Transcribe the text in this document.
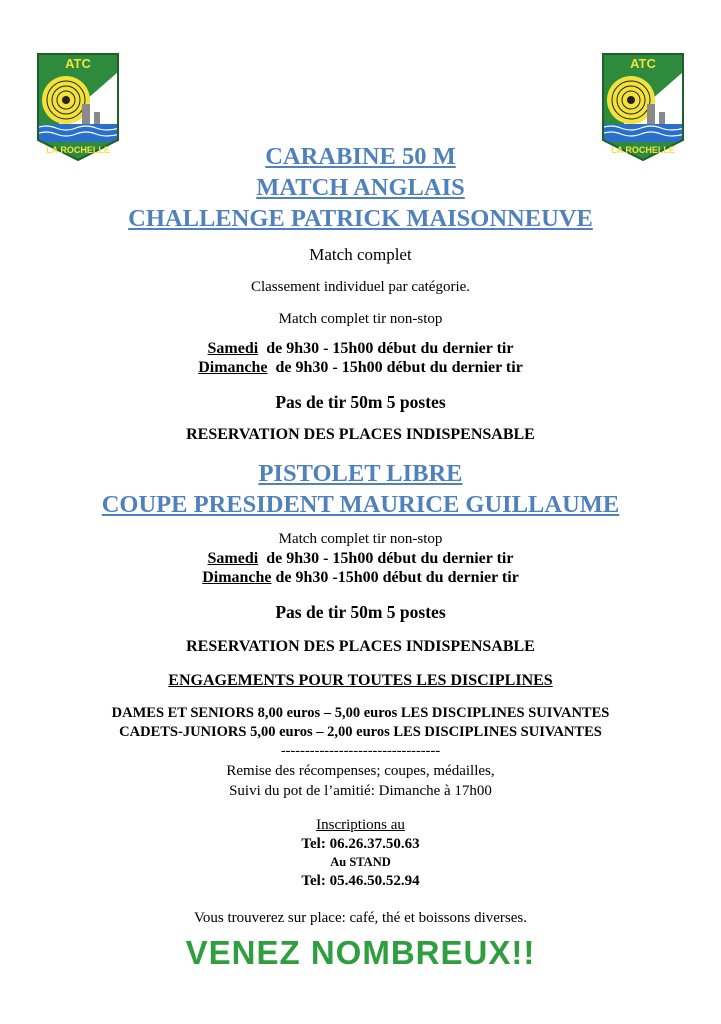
ATC
LA ROCHELLE
ATC
LA ROCHELLE
CARABINE 50 M
MATCH ANGLAIS
CHALLENGE PATRICK MAISONNEUVE
Match complet
Classement individuel par catégorie.
Match complet tir non-stop
Samedi de 9h30 - 15h00 début du dernier tir
Dimanche de 9h30 - 15h00 début du dernier tir
Pas de tir 50m 5 postes
RESERVATION DES PLACES INDISPENSABLE
PISTOLET LIBRE
COUPE PRESIDENT MAURICE GUILLAUME
Match complet tir non-stop
Samedi de 9h30 - 15h00 début du dernier tir
Dimanche de 9h30 -15h00 début du dernier tir
Pas de tir 50m 5 postes
RESERVATION DES PLACES INDISPENSABLE
ENGAGEMENTS POUR TOUTES LES DISCIPLINES
DAMES ET SENIORS 8,00 euros – 5,00 euros LES DISCIPLINES SUIVANTES
CADETS-JUNIORS 5,00 euros – 2,00 euros LES DISCIPLINES SUIVANTES
---------------------------------
Remise des récompenses; coupes, médailles,
Suivi du pot de l’amitié: Dimanche à 17h00
Inscriptions au
Tel: 06.26.37.50.63
Au STAND
Tel: 05.46.50.52.94
Vous trouverez sur place: café, thé et boissons diverses.
VENEZ NOMBREUX!!
